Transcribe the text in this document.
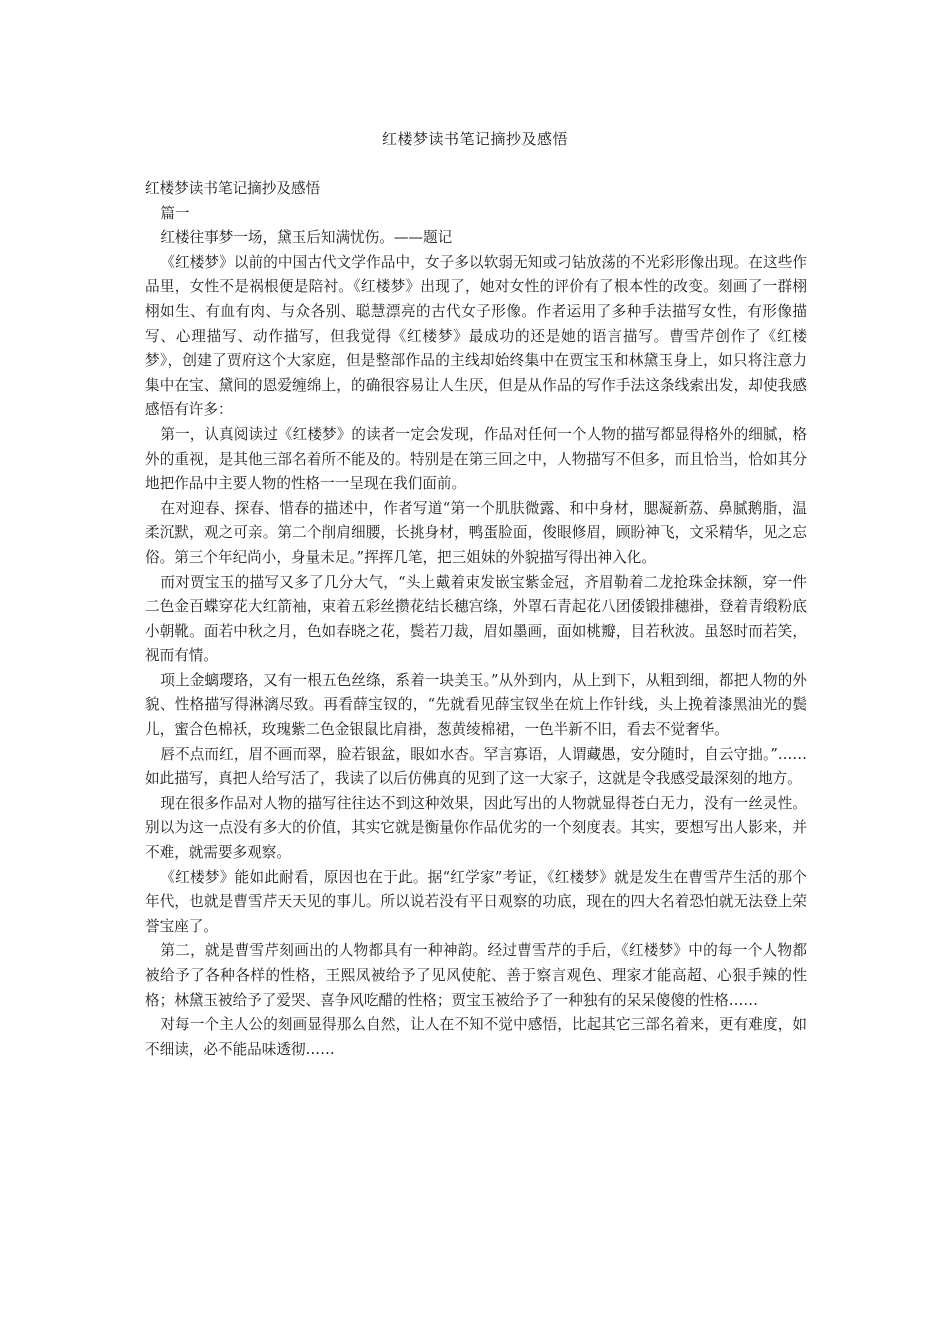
红楼梦读书笔记摘抄及感悟

红楼梦读书笔记摘抄及感悟

篇一

红楼往事梦一场，黛玉后知满忧伤。——题记

《红楼梦》以前的中国古代文学作品中，女子多以软弱无知或刁钻放荡的不光彩形像出现。在这些作品里，女性不是祸根便是陪衬。《红楼梦》出现了，她对女性的评价有了根本性的改变。刻画了一群栩栩如生、有血有肉、与众各别、聪慧漂亮的古代女子形像。作者运用了多种手法描写女性，有形像描写、心理描写、动作描写，但我觉得《红楼梦》最成功的还是她的语言描写。曹雪芹创作了《红楼梦》，创建了贾府这个大家庭，但是整部作品的主线却始终集中在贾宝玉和林黛玉身上，如只将注意力集中在宝、黛间的恩爱缠绵上，的确很容易让人生厌，但是从作品的写作手法这条线索出发，却使我感感悟有许多：

第一，认真阅读过《红楼梦》的读者一定会发现，作品对任何一个人物的描写都显得格外的细腻，格外的重视，是其他三部名着所不能及的。特别是在第三回之中，人物描写不但多，而且恰当，恰如其分地把作品中主要人物的性格一一呈现在我们面前。

在对迎春、探春、惜春的描述中，作者写道“第一个肌肤微露、和中身材，腮凝新荔、鼻腻鹅脂，温柔沉默，观之可亲。第二个削肩细腰，长挑身材，鸭蛋脸面，俊眼修眉，顾盼神飞，文采精华，见之忘俗。第三个年纪尚小，身量未足。”挥挥几笔，把三姐妹的外貌描写得出神入化。

而对贾宝玉的描写又多了几分大气，“头上戴着束发嵌宝紫金冠，齐眉勒着二龙抢珠金抹额，穿一件二色金百蝶穿花大红箭袖，束着五彩丝攒花结长穗宫绦，外罩石青起花八团倭锻排穗褂，登着青缎粉底小朝靴。面若中秋之月，色如春晓之花，鬓若刀裁，眉如墨画，面如桃瓣，目若秋波。虽怒时而若笑，视而有情。

项上金螭璎珞，又有一根五色丝绦，系着一块美玉。”从外到内，从上到下，从粗到细，都把人物的外貌、性格描写得淋漓尽致。再看薛宝钗的，“先就看见薛宝钗坐在炕上作针线，头上挽着漆黑油光的鬓儿，蜜合色棉袄，玫瑰紫二色金银鼠比肩褂，葱黄绫棉裙，一色半新不旧，看去不觉奢华。

唇不点而红，眉不画而翠，脸若银盆，眼如水杏。罕言寡语，人谓藏愚，安分随时，自云守拙。”……如此描写，真把人给写活了，我读了以后仿佛真的见到了这一大家子，这就是令我感受最深刻的地方。

现在很多作品对人物的描写往往达不到这种效果，因此写出的人物就显得苍白无力，没有一丝灵性。别以为这一点没有多大的价值，其实它就是衡量你作品优劣的一个刻度表。其实，要想写出人影来，并不难，就需要多观察。

《红楼梦》能如此耐看，原因也在于此。据“红学家”考证，《红楼梦》就是发生在曹雪芹生活的那个年代，也就是曹雪芹天天见的事儿。所以说若没有平日观察的功底，现在的四大名着恐怕就无法登上荣誉宝座了。

第二，就是曹雪芹刻画出的人物都具有一种神韵。经过曹雪芹的手后，《红楼梦》中的每一个人物都被给予了各种各样的性格，王熙凤被给予了见风使舵、善于察言观色、理家才能高超、心狠手辣的性格；林黛玉被给予了爱哭、喜争风吃醋的性格；贾宝玉被给予了一种独有的呆呆傻傻的性格……

对每一个主人公的刻画显得那么自然，让人在不知不觉中感悟，比起其它三部名着来，更有难度，如不细读，必不能品味透彻……
